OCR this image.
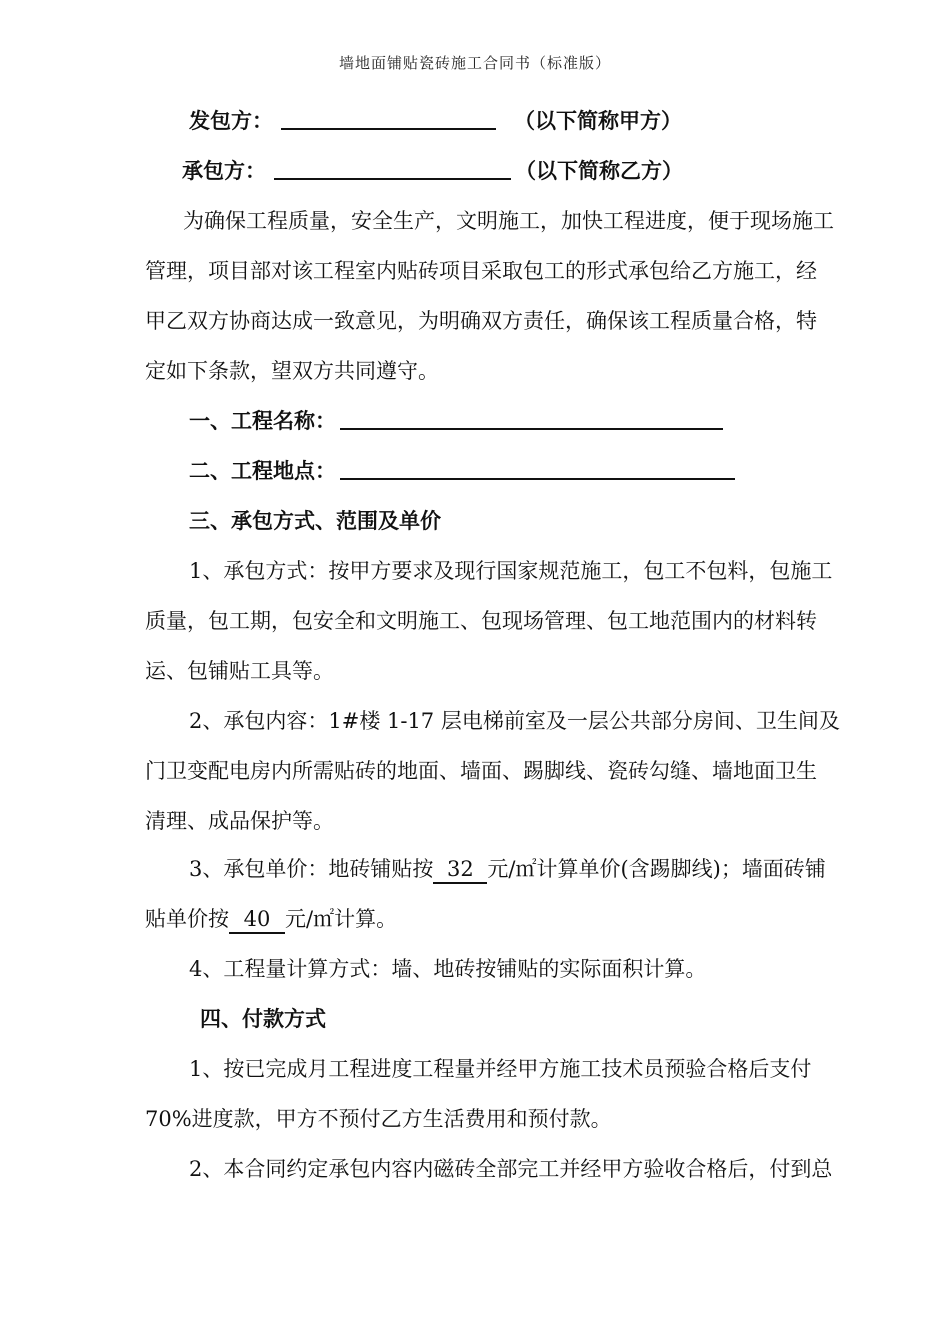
墙地面铺贴瓷砖施工合同书（标准版）
发包方：	（以下简称甲方）
承包方：	（以下简称乙方）
为确保工程质量，安全生产，文明施工，加快工程进度，便于现场施工
管理，项目部对该工程室内贴砖项目采取包工的形式承包给乙方施工，经
甲乙双方协商达成一致意见，为明确双方责任，确保该工程质量合格，特
定如下条款，望双方共同遵守。
一、工程名称：
二、工程地点：
三、承包方式、范围及单价
1、承包方式：按甲方要求及现行国家规范施工，包工不包料，包施工
质量，包工期，包安全和文明施工、包现场管理、包工地范围内的材料转
运、包铺贴工具等。
2、承包内容：1#楼 1-17 层电梯前室及一层公共部分房间、卫生间及
门卫变配电房内所需贴砖的地面、墙面、踢脚线、瓷砖勾缝、墙地面卫生
清理、成品保护等。
3、承包单价：地砖铺贴按 32 元/㎡计算单价(含踢脚线)；墙面砖铺
贴单价按 40 元/㎡计算。
4、工程量计算方式：墙、地砖按铺贴的实际面积计算。
四、付款方式
1、按已完成月工程进度工程量并经甲方施工技术员预验合格后支付
70%进度款，甲方不预付乙方生活费用和预付款。
2、本合同约定承包内容内磁砖全部完工并经甲方验收合格后，付到总
